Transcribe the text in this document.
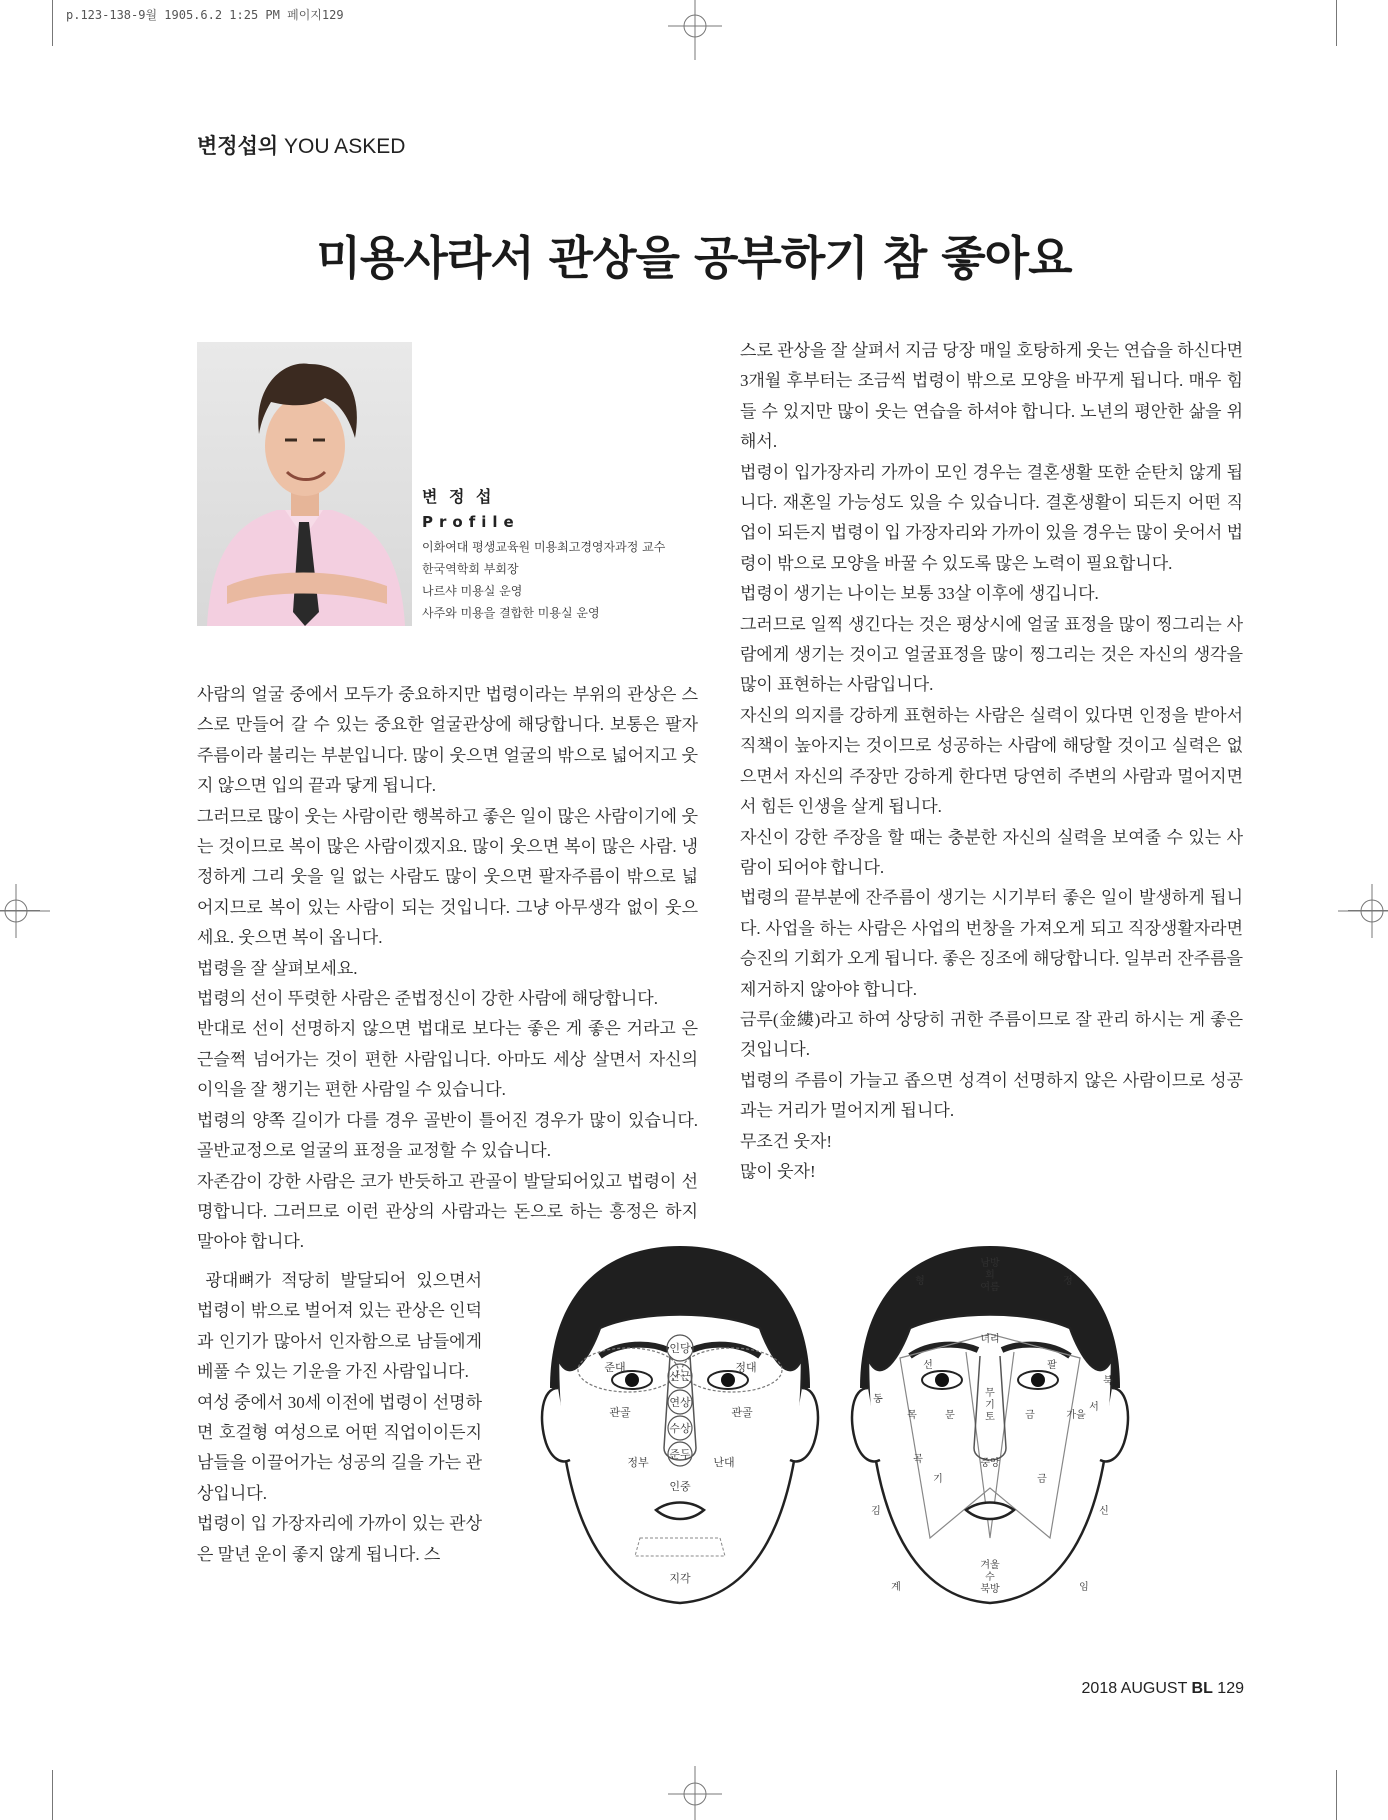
p.123-138-9월 1905.6.2 1:25 PM 페이지129
변정섭의 YOU ASKED
미용사라서 관상을 공부하기 참 좋아요
변 정 섭
Profile
이화여대 평생교육원 미용최고경영자과정 교수
한국역학회 부회장
나르샤 미용실 운영
사주와 미용을 결합한 미용실 운영

사람의 얼굴 중에서 모두가 중요하지만 법령이라는 부위의 관상은 스스로 만들어 갈 수 있는 중요한 얼굴관상에 해당합니다. 보통은 팔자주름이라 불리는 부분입니다. 많이 웃으면 얼굴의 밖으로 넓어지고 웃지 않으면 입의 끝과 닿게 됩니다.

그러므로 많이 웃는 사람이란 행복하고 좋은 일이 많은 사람이기에 웃는 것이므로 복이 많은 사람이겠지요. 많이 웃으면 복이 많은 사람. 냉정하게 그리 웃을 일 없는 사람도 많이 웃으면 팔자주름이 밖으로 넓어지므로 복이 있는 사람이 되는 것입니다. 그냥 아무생각 없이 웃으세요. 웃으면 복이 옵니다.

법령을 잘 살펴보세요.

법령의 선이 뚜렷한 사람은 준법정신이 강한 사람에 해당합니다.

반대로 선이 선명하지 않으면 법대로 보다는 좋은 게 좋은 거라고 은근슬쩍 넘어가는 것이 편한 사람입니다. 아마도 세상 살면서 자신의 이익을 잘 챙기는 편한 사람일 수 있습니다.

법령의 양쪽 길이가 다를 경우 골반이 틀어진 경우가 많이 있습니다. 골반교정으로 얼굴의 표정을 교정할 수 있습니다.

자존감이 강한 사람은 코가 반듯하고 관골이 발달되어있고 법령이 선명합니다. 그러므로 이런 관상의 사람과는 돈으로 하는 흥정은 하지 말아야 합니다.

광대뼈가 적당히 발달되어 있으면서 법령이 밖으로 벌어져 있는 관상은 인덕과 인기가 많아서 인자함으로 남들에게 베풀 수 있는 기운을 가진 사람입니다.

여성 중에서 30세 이전에 법령이 선명하면 호걸형 여성으로 어떤 직업이이든지 남들을 이끌어가는 성공의 길을 가는 관상입니다.

법령이 입 가장자리에 가까이 있는 관상은 말년 운이 좋지 않게 됩니다. 스

스로 관상을 잘 살펴서 지금 당장 매일 호탕하게 웃는 연습을 하신다면 3개월 후부터는 조금씩 법령이 밖으로 모양을 바꾸게 됩니다. 매우 힘들 수 있지만 많이 웃는 연습을 하셔야 합니다. 노년의 평안한 삶을 위해서.

법령이 입가장자리 가까이 모인 경우는 결혼생활 또한 순탄치 않게 됩니다. 재혼일 가능성도 있을 수 있습니다. 결혼생활이 되든지 어떤 직업이 되든지 법령이 입 가장자리와 가까이 있을 경우는 많이 웃어서 법령이 밖으로 모양을 바꿀 수 있도록 많은 노력이 필요합니다.

법령이 생기는 나이는 보통 33살 이후에 생깁니다.

그러므로 일찍 생긴다는 것은 평상시에 얼굴 표정을 많이 찡그리는 사람에게 생기는 것이고 얼굴표정을 많이 찡그리는 것은 자신의 생각을 많이 표현하는 사람입니다.

자신의 의지를 강하게 표현하는 사람은 실력이 있다면 인정을 받아서 직책이 높아지는 것이므로 성공하는 사람에 해당할 것이고 실력은 없으면서 자신의 주장만 강하게 한다면 당연히 주변의 사람과 멀어지면서 힘든 인생을 살게 됩니다.

자신이 강한 주장을 할 때는 충분한 자신의 실력을 보여줄 수 있는 사람이 되어야 합니다.

법령의 끝부분에 잔주름이 생기는 시기부터 좋은 일이 발생하게 됩니다. 사업을 하는 사람은 사업의 번창을 가져오게 되고 직장생활자라면 승진의 기회가 오게 됩니다. 좋은 징조에 해당합니다. 일부러 잔주름을 제거하지 않아야 합니다.

금루(金縷)라고 하여 상당히 귀한 주름이므로 잘 관리 하시는 게 좋은 것입니다.

법령의 주름이 가늘고 좁으면 성격이 선명하지 않은 사람이므로 성공과는 거리가 멀어지게 됩니다.

무조건 웃자!

많이 웃자!

인당
준대	정대
산근
관골
연상
관골
수상
정부
준두
난대
인중
지각
남방
회
여름
형	정
녀리
선	팔
동
목	문
무
기
토	금
서
가을
북
곡	중앙
기	금
김	신
겨울
수
북방
계	임
2018 AUGUST BL 129
